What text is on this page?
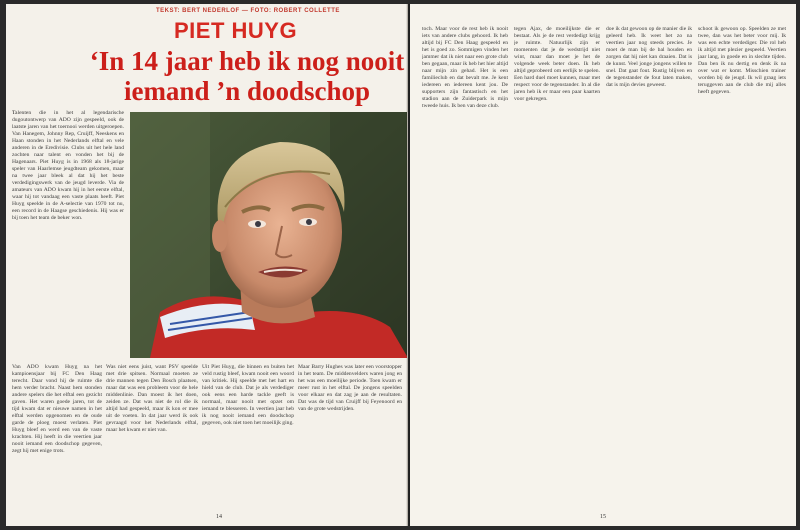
TEKST: BERT NEDERLOF — FOTO: ROBERT COLLETTE
PIET HUYG
‘In 14 jaar heb ik nog nooit iemand ’n doodschop
Talenten die in het al legendarische dugoutontwerp van ADO zijn gespeeld, ook de laatste jaren van het toernooi werden uitgeroepen. Van Hanegem, Johnny Rep, Cruijff, Neeskens en Haan stonden in het Nederlands elftal en vele anderen in de Eredivisie. Clubs uit het hele land zochten naar talent en vonden het bij de Hagenaars. Piet Huyg is in 1968 als 18-jarige speler van Haarlemse jeugdteam gekomen, maar na twee jaar bleek al dat hij het beste verdedigingswerk van de jeugd leverde. Via de amateurs van ADO kwam hij in het eerste elftal, waar hij tot vandaag een vaste plaats heeft. Piet Huyg speelde in de A-selectie van 1970 tot nu, een record in de Haagse geschiedenis. Hij was er bij toen het team de beker won.
Van ADO kwam Huyg na het kampioensjaar bij FC Den Haag terecht. Daar vond hij de ruimte die hem verder bracht. Naast hem stonden andere spelers die het elftal een gezicht gaven. Het waren goede jaren, tot de tijd kwam dat er nieuwe namen in het elftal werden opgenomen en de oude garde de ploeg moest verlaten. Piet Huyg bleef en werd een van de vaste krachten. Hij heeft in die veertien jaar nooit iemand een doodschop gegeven, zegt hij met enige trots.
Was niet eens juist, want PSV speelde met drie spitsen. Normaal moeten ze drie mannen tegen Den Bosch plaatsen, maar dat was een probleem voor de hele middenlinie. Dan moest ik het doen, zeiden ze. Dat was niet de rol die ik altijd had gespeeld, maar ik kon er mee uit de voeten. In dat jaar werd ik ook gevraagd voor het Nederlands elftal, maar het kwam er niet van.
Uit Piet Huyg, die binnen en buiten het veld rustig bleef, kwam nooit een woord van kritiek. Hij speelde met het hart en hield van de club. Dat je als verdediger ook eens een harde tackle geeft is normaal, maar nooit met opzet om iemand te blesseren. In veertien jaar heb ik nog nooit iemand een doodschop gegeven, ook niet toen het moeilijk ging.
Maar Barry Hughes was later een voorstopper in het team. De middenvelders waren jong en het was een moeilijke periode. Toen kwam er meer rust in het elftal. De jongens speelden voor elkaar en dat zag je aan de resultaten. Dat was de tijd van Cruijff bij Feyenoord en van de grote wedstrijden.
14
toch. Maar voor de rest heb ik nooit iets van andere clubs gehoord. Ik heb altijd bij FC Den Haag gespeeld en het is goed zo. Sommigen vinden het jammer dat ik niet naar een grote club ben gegaan, maar ik heb het hier altijd naar mijn zin gehad. Het is een familieclub en dat bevalt me. Je kent iedereen en iedereen kent jou. De supporters zijn fantastisch en het stadion aan de Zuiderpark is mijn tweede huis. Ik ben van deze club.
tegen Ajax, de moeilijkste die er bestaat. Als je de rest verdedigt krijg je ruimte. Natuurlijk zijn er momenten dat je de wedstrijd niet wint, maar dan moet je het de volgende week beter doen. Ik heb altijd geprobeerd om eerlijk te spelen. Een hard duel moet kunnen, maar met respect voor de tegenstander. In al die jaren heb ik er maar een paar kaarten voor gekregen.
doe ik dat gewoon op de manier die ik geleerd heb. Ik weet het zo na veertien jaar nog steeds precies. Je moet de man bij de bal houden en zorgen dat hij niet kan draaien. Dat is de kunst. Veel jonge jongens willen te snel. Dat gaat fout. Rustig blijven en de tegenstander de fout laten maken, dat is mijn devies geweest.
schoot ik gewoon op. Speelden ze met twee, dan was het beter voor mij. Ik was een echte verdediger. Die rol heb ik altijd met plezier gespeeld. Veertien jaar lang, in goede en in slechte tijden. Dan ben ik nu dertig en denk ik na over wat er komt. Misschien trainer worden bij de jeugd. Ik wil graag iets teruggeven aan de club die mij alles heeft gegeven.
15
